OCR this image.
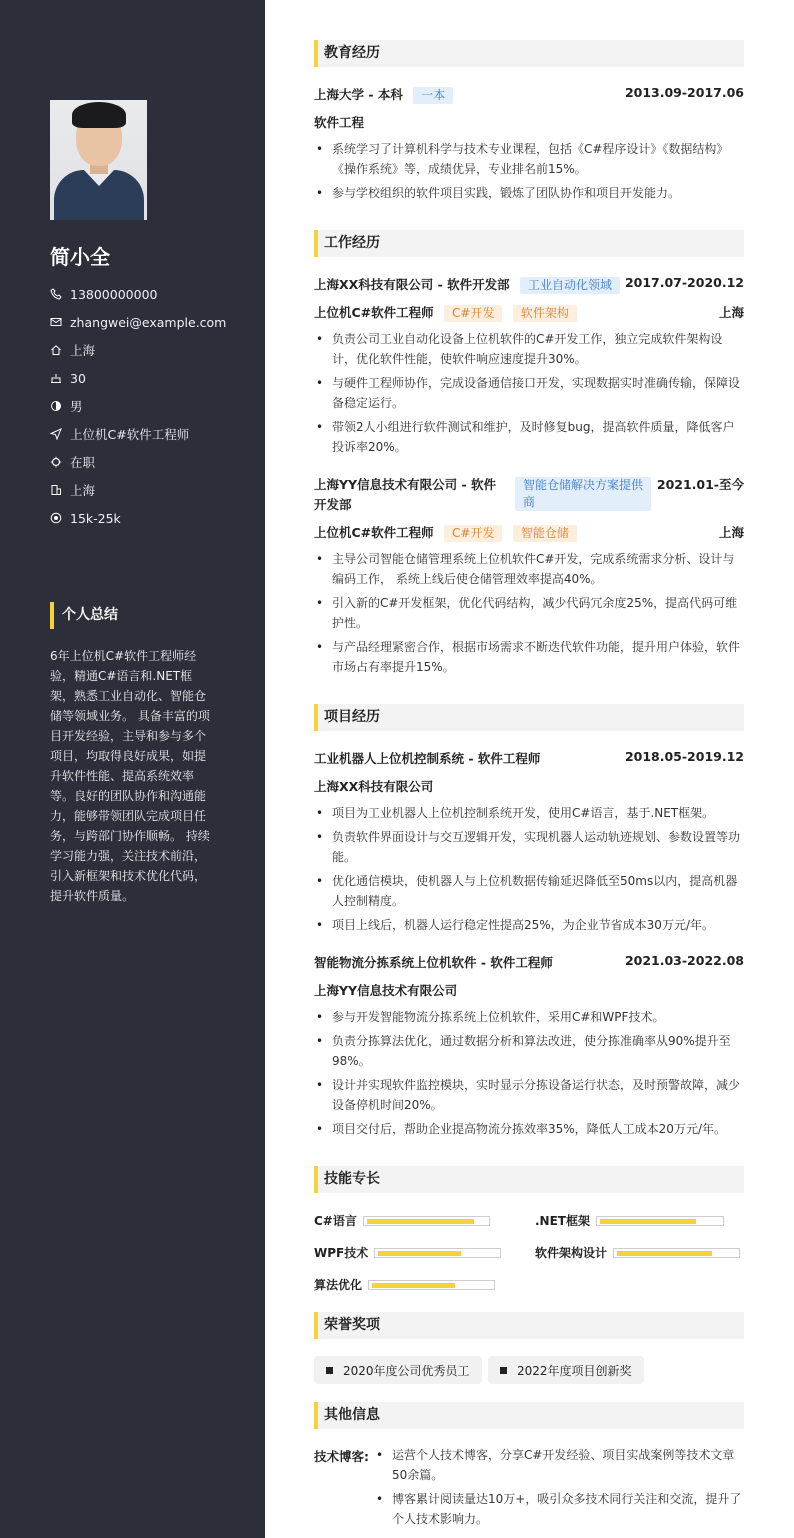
简小全
13800000000
zhangwei@example.com
上海
30
男
上位机C#软件工程师
在职
上海
15k-25k
个人总结
6年上位机C#软件工程师经验，精通C#语言和.NET框架，熟悉工业自动化、智能仓储等领域业务。 具备丰富的项目开发经验，主导和参与多个项目，均取得良好成果，如提升软件性能、提高系统效率等。良好的团队协作和沟通能力，能够带领团队完成项目任务，与跨部门协作顺畅。 持续学习能力强，关注技术前沿，引入新框架和技术优化代码，提升软件质量。
教育经历
上海大学 - 本科 一本	2013.09-2017.06
软件工程
• 系统学习了计算机科学与技术专业课程，包括《C#程序设计》《数据结构》《操作系统》等，成绩优异，专业排名前15%。
• 参与学校组织的软件项目实践，锻炼了团队协作和项目开发能力。
工作经历
上海XX科技有限公司 - 软件开发部 工业自动化领域	2017.07-2020.12
上位机C#软件工程师 C#开发 软件架构	上海
• 负责公司工业自动化设备上位机软件的C#开发工作，独立完成软件架构设计，优化软件性能，使软件响应速度提升30%。
• 与硬件工程师协作，完成设备通信接口开发，实现数据实时准确传输，保障设备稳定运行。
• 带领2人小组进行软件测试和维护，及时修复bug，提高软件质量，降低客户投诉率20%。
上海YY信息技术有限公司 - 软件开发部
智能仓储解决方案提供商
2021.01-至今
上位机C#软件工程师 C#开发 智能仓储	上海
• 主导公司智能仓储管理系统上位机软件C#开发，完成系统需求分析、设计与编码工作， 系统上线后使仓储管理效率提高40%。
• 引入新的C#开发框架，优化代码结构，减少代码冗余度25%，提高代码可维护性。
• 与产品经理紧密合作，根据市场需求不断迭代软件功能，提升用户体验，软件市场占有率提升15%。
项目经历
工业机器人上位机控制系统 - 软件工程师	2018.05-2019.12
上海XX科技有限公司
• 项目为工业机器人上位机控制系统开发，使用C#语言，基于.NET框架。
• 负责软件界面设计与交互逻辑开发，实现机器人运动轨迹规划、参数设置等功能。
• 优化通信模块，使机器人与上位机数据传输延迟降低至50ms以内，提高机器人控制精度。
• 项目上线后，机器人运行稳定性提高25%，为企业节省成本30万元/年。
智能物流分拣系统上位机软件 - 软件工程师	2021.03-2022.08
上海YY信息技术有限公司
• 参与开发智能物流分拣系统上位机软件，采用C#和WPF技术。
• 负责分拣算法优化，通过数据分析和算法改进，使分拣准确率从90%提升至98%。
• 设计并实现软件监控模块，实时显示分拣设备运行状态，及时预警故障，减少设备停机时间20%。
• 项目交付后，帮助企业提高物流分拣效率35%，降低人工成本20万元/年。
技能专长
C#语言	.NET框架
WPF技术	软件架构设计
算法优化
荣誉奖项
2020年度公司优秀员工	2022年度项目创新奖
其他信息
技术博客:
•	运营个人技术博客，分享C#开发经验、项目实战案例等技术文章50余篇。
• 博客累计阅读量达10万+，吸引众多技术同行关注和交流，提升了个人技术影响力。
